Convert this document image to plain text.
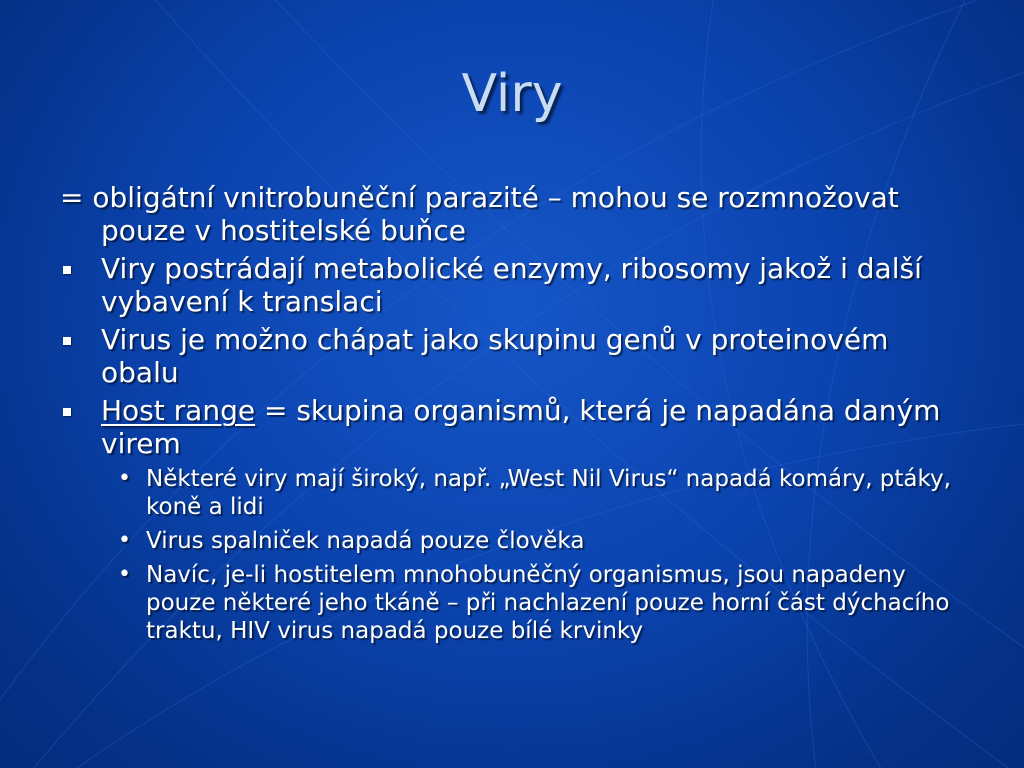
Viry
= obligátní vnitrobuněční parazité – mohou se rozmnožovat pouze v hostitelské buňce
Viry postrádají metabolické enzymy, ribosomy jakož i další vybavení k translaci
Virus je možno chápat jako skupinu genů v proteinovém obalu
Host range = skupina organismů, která je napadána daným virem
• Některé viry mají široký, např. „West Nil Virus“ napadá komáry, ptáky, koně a lidi
• Virus spalniček napadá pouze člověka
• Navíc, je-li hostitelem mnohobuněčný organismus, jsou napadeny pouze některé jeho tkáně – při nachlazení pouze horní část dýchacího traktu, HIV virus napadá pouze bílé krvinky
